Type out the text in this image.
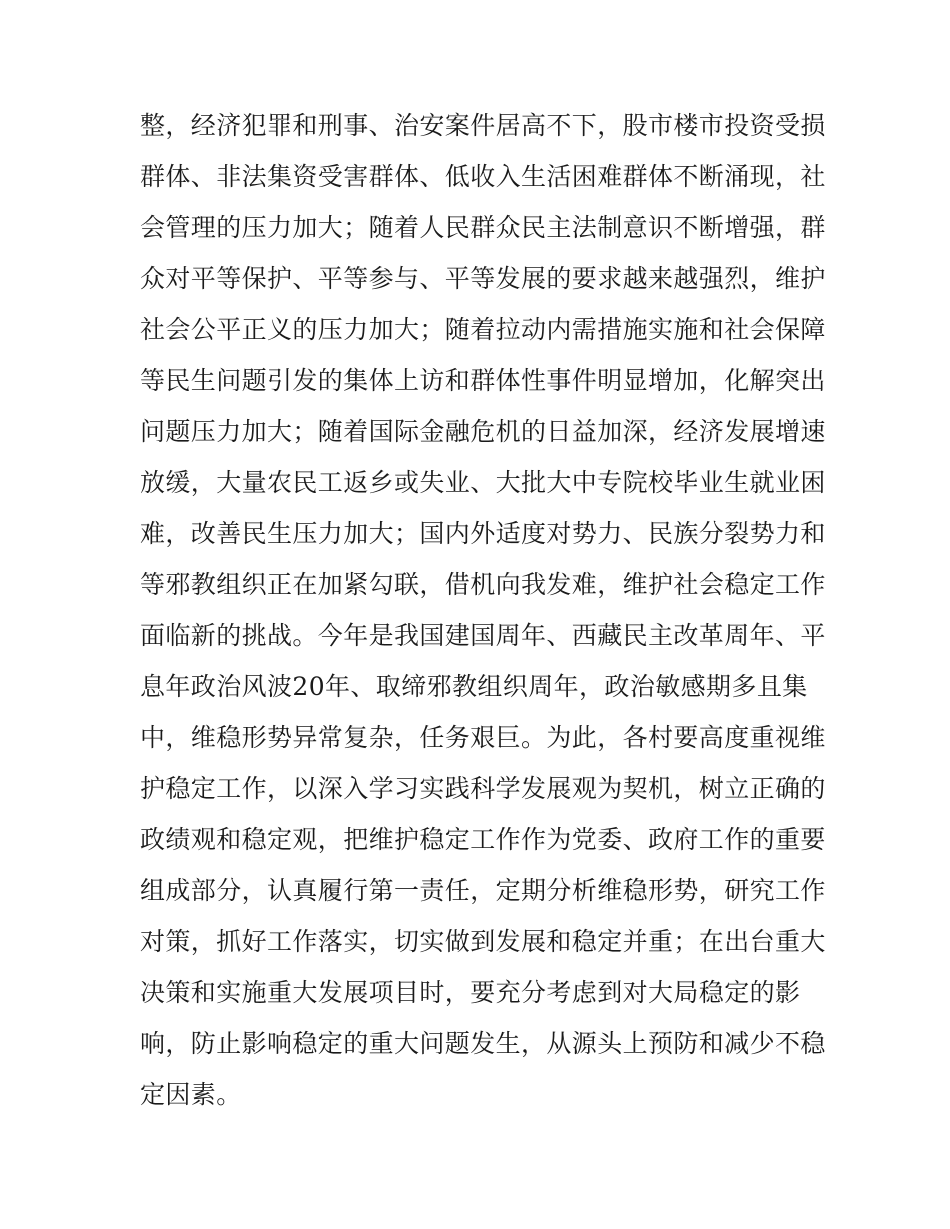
整，经济犯罪和刑事、治安案件居高不下，股市楼市投资受损
群体、非法集资受害群体、低收入生活困难群体不断涌现，社
会管理的压力加大；随着人民群众民主法制意识不断增强，群
众对平等保护、平等参与、平等发展的要求越来越强烈，维护
社会公平正义的压力加大；随着拉动内需措施实施和社会保障
等民生问题引发的集体上访和群体性事件明显增加，化解突出
问题压力加大；随着国际金融危机的日益加深，经济发展增速
放缓，大量农民工返乡或失业、大批大中专院校毕业生就业困
难，改善民生压力加大；国内外适度对势力、民族分裂势力和
等邪教组织正在加紧勾联，借机向我发难，维护社会稳定工作
面临新的挑战。今年是我国建国周年、西藏民主改革周年、平
息年政治风波20年、取缔邪教组织周年，政治敏感期多且集
中，维稳形势异常复杂，任务艰巨。为此，各村要高度重视维
护稳定工作，以深入学习实践科学发展观为契机，树立正确的
政绩观和稳定观，把维护稳定工作作为党委、政府工作的重要
组成部分，认真履行第一责任，定期分析维稳形势，研究工作
对策，抓好工作落实，切实做到发展和稳定并重；在出台重大
决策和实施重大发展项目时，要充分考虑到对大局稳定的影
响，防止影响稳定的重大问题发生，从源头上预防和减少不稳
定因素。
